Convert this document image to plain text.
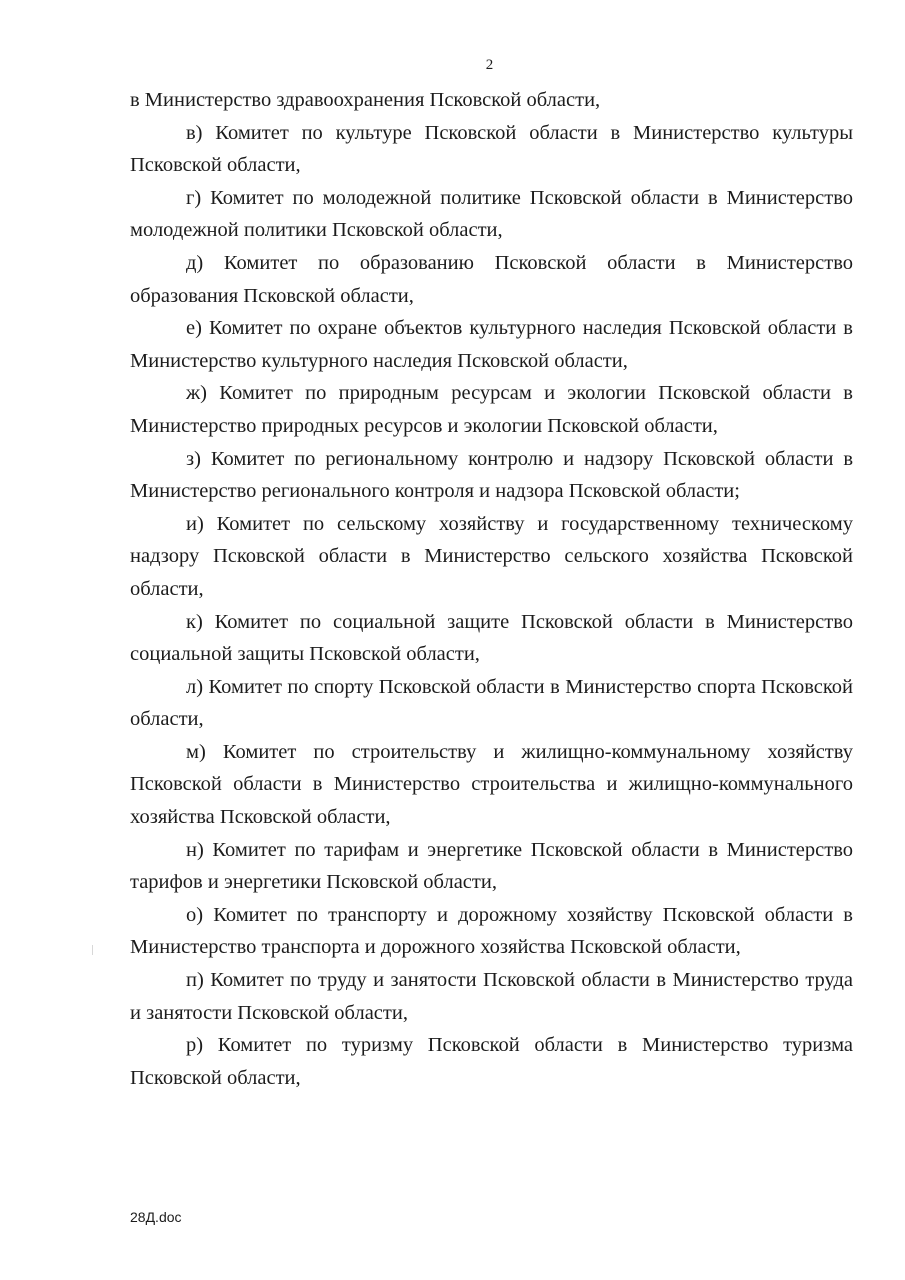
2

в Министерство здравоохранения Псковской области,

в) Комитет по культуре Псковской области в Министерство культуры Псковской области,

г) Комитет по молодежной политике Псковской области в Министерство молодежной политики Псковской области,

д) Комитет по образованию Псковской области в Министерство образования Псковской области,

е) Комитет по охране объектов культурного наследия Псковской области в Министерство культурного наследия Псковской области,

ж) Комитет по природным ресурсам и экологии Псковской области в Министерство природных ресурсов и экологии Псковской области,

з) Комитет по региональному контролю и надзору Псковской области в Министерство регионального контроля и надзора Псковской области;

и) Комитет по сельскому хозяйству и государственному техническому надзору Псковской области в Министерство сельского хозяйства Псковской области,

к) Комитет по социальной защите Псковской области в Министерство социальной защиты Псковской области,

л) Комитет по спорту Псковской области в Министерство спорта Псковской области,

м) Комитет по строительству и жилищно-коммунальному хозяйству Псковской области в Министерство строительства и жилищно-коммунального хозяйства Псковской области,

н) Комитет по тарифам и энергетике Псковской области в Министерство тарифов и энергетики Псковской области,

о) Комитет по транспорту и дорожному хозяйству Псковской области в Министерство транспорта и дорожного хозяйства Псковской области,

п) Комитет по труду и занятости Псковской области в Министерство труда и занятости Псковской области,

р) Комитет по туризму Псковской области в Министерство туризма Псковской области,

28Д.doc
